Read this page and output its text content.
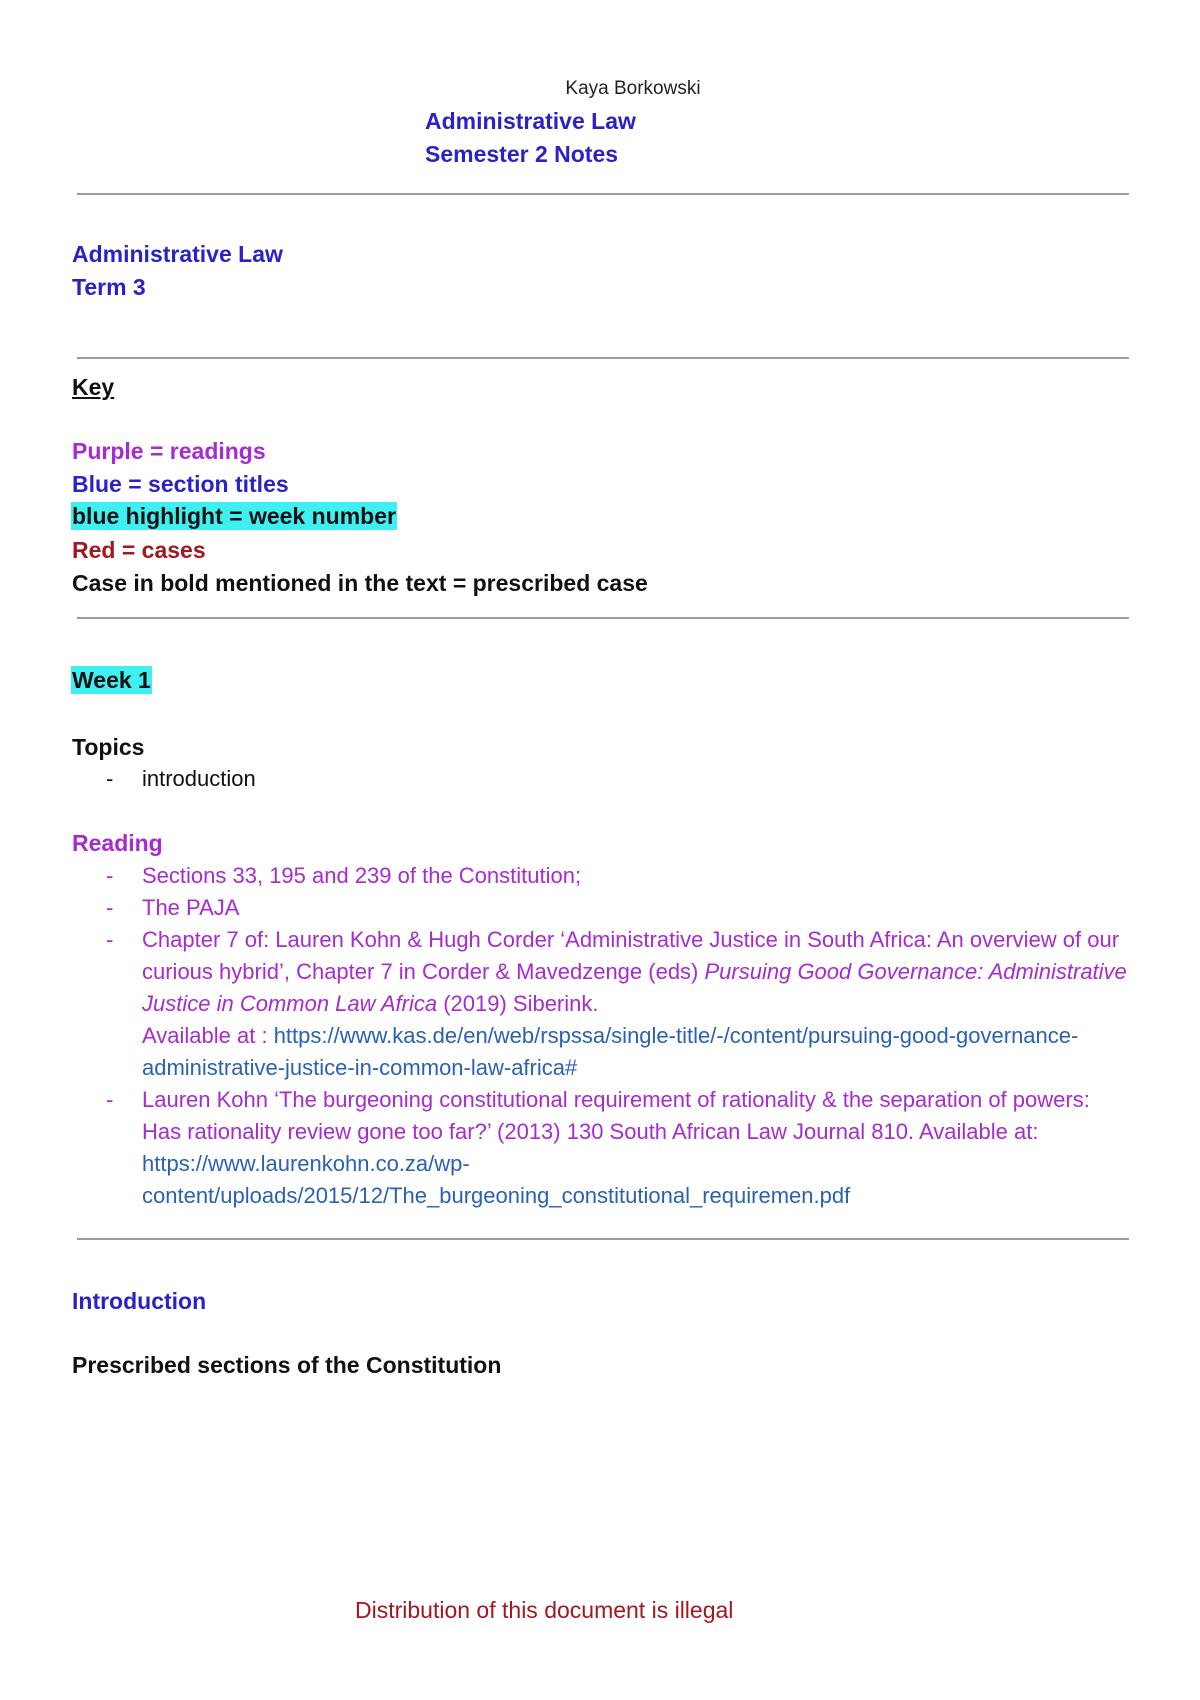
Kaya Borkowski
Administrative Law
Semester 2 Notes
Administrative Law
Term 3
Key
Purple = readings
Blue = section titles
blue highlight = week number
Red = cases
Case in bold mentioned in the text = prescribed case
Week 1
Topics
- introduction
Reading
- Sections 33, 195 and 239 of the Constitution;
- The PAJA
- Chapter 7 of: Lauren Kohn & Hugh Corder ‘Administrative Justice in South Africa: An overview of our curious hybrid’, Chapter 7 in Corder & Mavedzenge (eds) Pursuing Good Governance: Administrative Justice in Common Law Africa (2019) Siberink.
Available at : https://www.kas.de/en/web/rspssa/single-title/-/content/pursuing-good-governance-administrative-justice-in-common-law-africa#
- Lauren Kohn ‘The burgeoning constitutional requirement of rationality & the separation of powers: Has rationality review gone too far?’ (2013) 130 South African Law Journal 810. Available at: https://www.laurenkohn.co.za/wp-content/uploads/2015/12/The_burgeoning_constitutional_requiremen.pdf
Introduction
Prescribed sections of the Constitution
Distribution of this document is illegal
